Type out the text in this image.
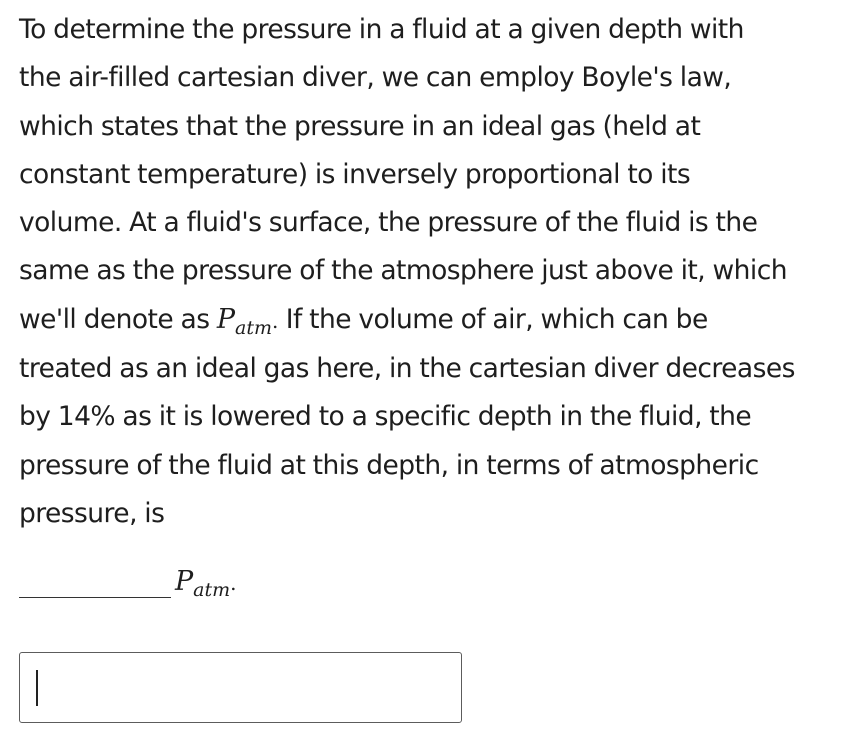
To determine the pressure in a fluid at a given depth with
the air-filled cartesian diver, we can employ Boyle's law,
which states that the pressure in an ideal gas (held at
constant temperature) is inversely proportional to its
volume. At a fluid's surface, the pressure of the fluid is the
same as the pressure of the atmosphere just above it, which
we'll denote as $P_{atm}$. If the volume of air, which can be
treated as an ideal gas here, in the cartesian diver decreases
by 14% as it is lowered to a specific depth in the fluid, the
pressure of the fluid at this depth, in terms of atmospheric
pressure, is
$P_{atm}$.
